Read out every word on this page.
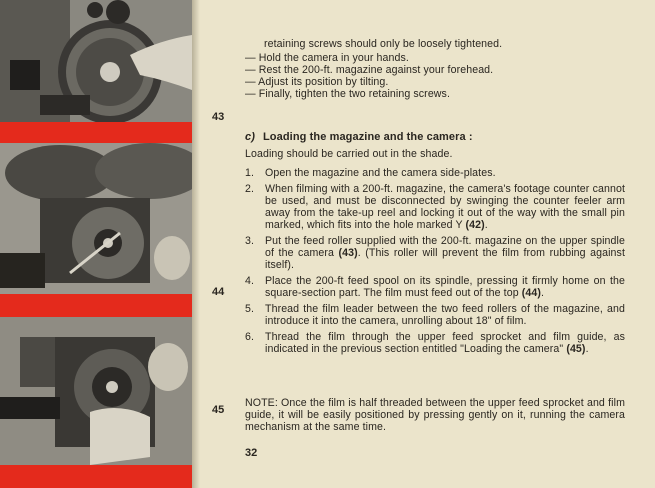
43
44
45
retaining screws should only be loosely tightened.
— Hold the camera in your hands.
— Rest the 200-ft. magazine against your forehead.
— Adjust its position by tilting.
— Finally, tighten the two retaining screws.
c) Loading the magazine and the camera :
Loading should be carried out in the shade.
1. Open the magazine and the camera side-plates.
2. When filming with a 200-ft. magazine, the camera's footage counter cannot be used, and must be disconnected by swinging the counter feeler arm away from the take-up reel and locking it out of the way with the small pin marked, which fits into the hole marked Y (42).
3. Put the feed roller supplied with the 200-ft. magazine on the upper spindle of the camera (43). (This roller will prevent the film from rubbing against itself).
4. Place the 200-ft feed spool on its spindle, pressing it firmly home on the square-section part. The film must feed out of the top (44).
5. Thread the film leader between the two feed rollers of the magazine, and introduce it into the camera, unrolling about 18" of film.
6. Thread the film through the upper feed sprocket and film guide, as indicated in the previous section entitled "Loading the camera" (45).
NOTE: Once the film is half threaded between the upper feed sprocket and film guide, it will be easily positioned by pressing gently on it, running the camera mechanism at the same time.
32
